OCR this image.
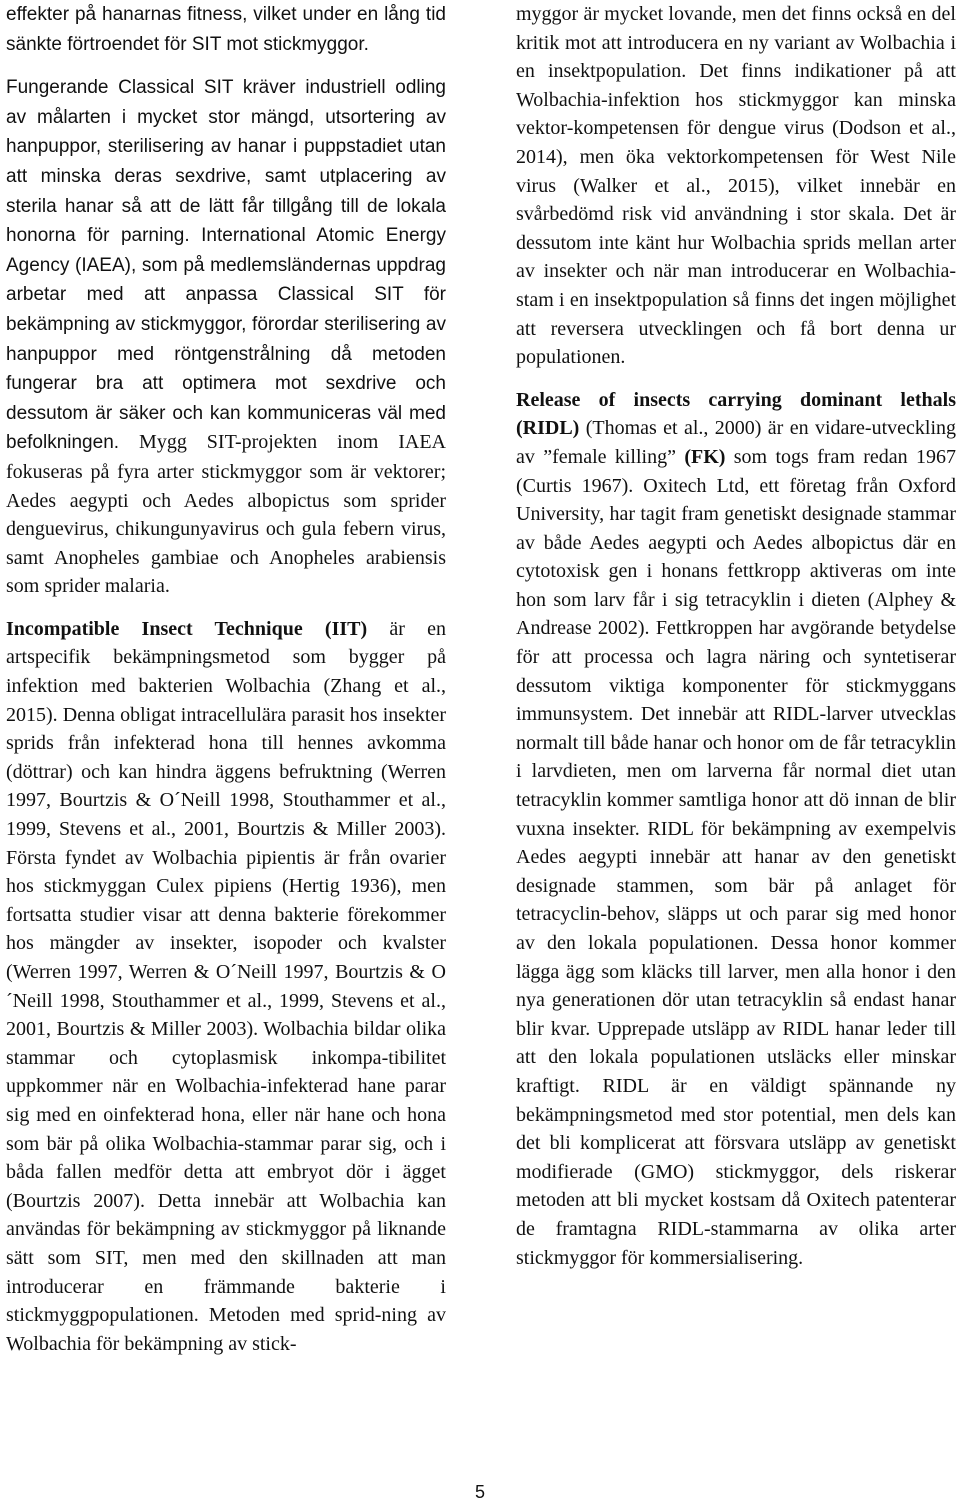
effekter på hanarnas fitness, vilket under en lång tid sänkte förtroendet för SIT mot stickmyggor.

Fungerande Classical SIT kräver industriell odling av målarten i mycket stor mängd, utsortering av hanpuppor, sterilisering av hanar i puppstadiet utan att minska deras sexdrive, samt utplacering av sterila hanar så att de lätt får tillgång till de lokala honorna för parning. International Atomic Energy Agency (IAEA), som på medlemsländernas uppdrag arbetar med att anpassa Classical SIT för bekämpning av stickmyggor, förordar sterilisering av hanpuppor med röntgenstrålning då metoden fungerar bra att optimera mot sexdrive och dessutom är säker och kan kommuniceras väl med befolkningen. Mygg SIT-projekten inom IAEA fokuseras på fyra arter stickmyggor som är vektorer; Aedes aegypti och Aedes albopictus som sprider denguevirus, chikungunyavirus och gula febern virus, samt Anopheles gambiae och Anopheles arabiensis som sprider malaria.

Incompatible Insect Technique (IIT) är en artspecifik bekämpningsmetod som bygger på infektion med bakterien Wolbachia (Zhang et al., 2015). Denna obligat intracellulära parasit hos insekter sprids från infekterad hona till hennes avkomma (döttrar) och kan hindra äggens befruktning (Werren 1997, Bourtzis & O´Neill 1998, Stouthammer et al., 1999, Stevens et al., 2001, Bourtzis & Miller 2003). Första fyndet av Wolbachia pipientis är från ovarier hos stickmyggan Culex pipiens (Hertig 1936), men fortsatta studier visar att denna bakterie förekommer hos mängder av insekter, isopoder och kvalster (Werren 1997, Werren & O´Neill 1997, Bourtzis & O´Neill 1998, Stouthammer et al., 1999, Stevens et al., 2001, Bourtzis & Miller 2003). Wolbachia bildar olika stammar och cytoplasmisk inkompa-tibilitet uppkommer när en Wolbachia-infekterad hane parar sig med en oinfekterad hona, eller när hane och hona som bär på olika Wolbachia-stammar parar sig, och i båda fallen medför detta att embryot dör i ägget (Bourtzis 2007). Detta innebär att Wolbachia kan användas för bekämpning av stickmyggor på liknande sätt som SIT, men med den skillnaden att man introducerar en främmande bakterie i stickmyggpopulationen. Metoden med sprid-ning av Wolbachia för bekämpning av stick-

myggor är mycket lovande, men det finns också en del kritik mot att introducera en ny variant av Wolbachia i en insektpopulation. Det finns indikationer på att Wolbachia-infektion hos stickmyggor kan minska vektor-kompetensen för dengue virus (Dodson et al., 2014), men öka vektorkompetensen för West Nile virus (Walker et al., 2015), vilket innebär en svårbedömd risk vid användning i stor skala. Det är dessutom inte känt hur Wolbachia sprids mellan arter av insekter och när man introducerar en Wolbachia-stam i en insektpopulation så finns det ingen möjlighet att reversera utvecklingen och få bort denna ur populationen.

Release of insects carrying dominant lethals (RIDL) (Thomas et al., 2000) är en vidare-utveckling av ”female killing” (FK) som togs fram redan 1967 (Curtis 1967). Oxitech Ltd, ett företag från Oxford University, har tagit fram genetiskt designade stammar av både Aedes aegypti och Aedes albopictus där en cytotoxisk gen i honans fettkropp aktiveras om inte hon som larv får i sig tetracyklin i dieten (Alphey & Andrease 2002). Fettkroppen har avgörande betydelse för att processa och lagra näring och syntetiserar dessutom viktiga komponenter för stickmyggans immunsystem. Det innebär att RIDL-larver utvecklas normalt till både hanar och honor om de får tetracyklin i larvdieten, men om larverna får normal diet utan tetracyklin kommer samtliga honor att dö innan de blir vuxna insekter. RIDL för bekämpning av exempelvis Aedes aegypti innebär att hanar av den genetiskt designade stammen, som bär på anlaget för tetracyclin-behov, släpps ut och parar sig med honor av den lokala populationen. Dessa honor kommer lägga ägg som kläcks till larver, men alla honor i den nya generationen dör utan tetracyklin så endast hanar blir kvar. Upprepade utsläpp av RIDL hanar leder till att den lokala populationen utsläcks eller minskar kraftigt. RIDL är en väldigt spännande ny bekämpningsmetod med stor potential, men dels kan det bli komplicerat att försvara utsläpp av genetiskt modifierade (GMO) stickmyggor, dels riskerar metoden att bli mycket kostsam då Oxitech patenterar de framtagna RIDL-stammarna av olika arter stickmyggor för kommersialisering.

5
